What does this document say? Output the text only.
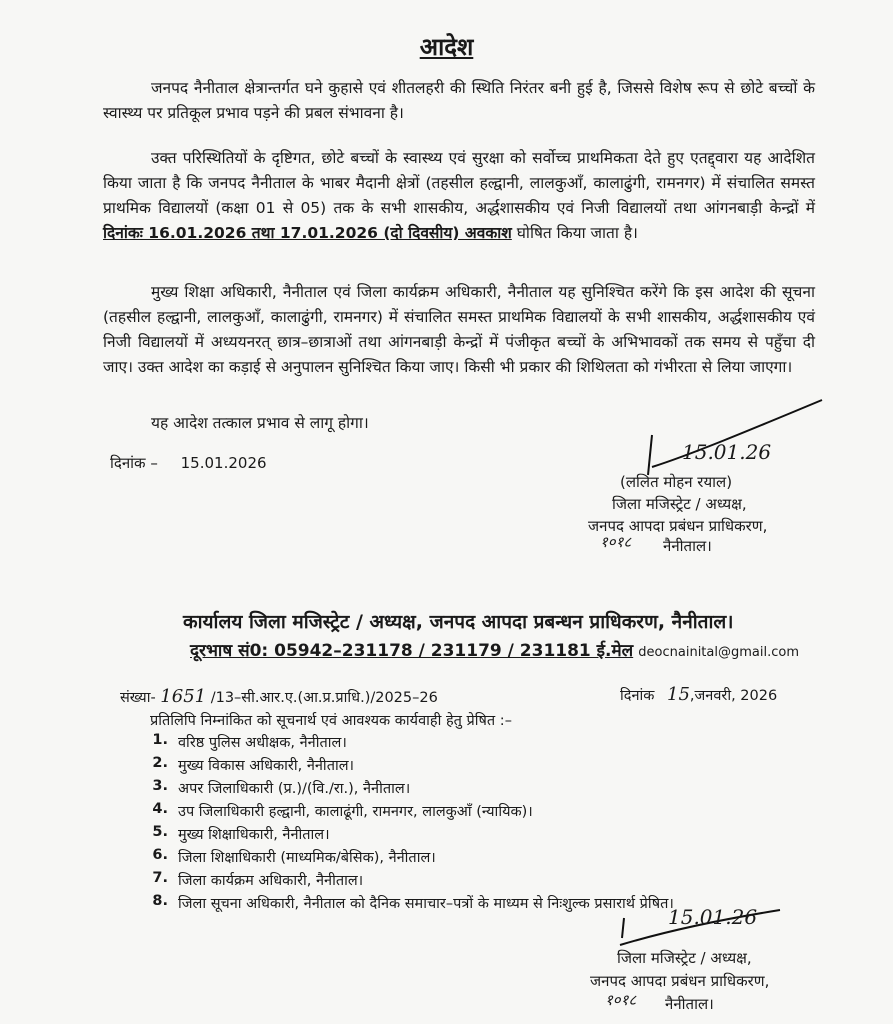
आदेश
जनपद नैनीताल क्षेत्रान्तर्गत घने कुहासे एवं शीतलहरी की स्थिति निरंतर बनी हुई है, जिससे विशेष रूप से छोटे बच्चों के स्वास्थ्य पर प्रतिकूल प्रभाव पड़ने की प्रबल संभावना है।
उक्त परिस्थितियों के दृष्टिगत, छोटे बच्चों के स्वास्थ्य एवं सुरक्षा को सर्वोच्च प्राथमिकता देते हुए एतद्द्वारा यह आदेशित किया जाता है कि जनपद नैनीताल के भाबर मैदानी क्षेत्रों (तहसील हल्द्वानी, लालकुआँ, कालाढुंगी, रामनगर) में संचालित समस्त प्राथमिक विद्यालयों (कक्षा 01 से 05) तक के सभी शासकीय, अर्द्धशासकीय एवं निजी विद्यालयों तथा आंगनबाड़ी केन्द्रों में दिनांकः 16.01.2026 तथा 17.01.2026 (दो दिवसीय) अवकाश घोषित किया जाता है।
मुख्य शिक्षा अधिकारी, नैनीताल एवं जिला कार्यक्रम अधिकारी, नैनीताल यह सुनिश्चित करेंगे कि इस आदेश की सूचना (तहसील हल्द्वानी, लालकुआँ, कालाढुंगी, रामनगर) में संचालित समस्त प्राथमिक विद्यालयों के सभी शासकीय, अर्द्धशासकीय एवं निजी विद्यालयों में अध्ययनरत् छात्र–छात्राओं तथा आंगनबाड़ी केन्द्रों में पंजीकृत बच्चों के अभिभावकों तक समय से पहुँचा दी जाए। उक्त आदेश का कड़ाई से अनुपालन सुनिश्चित किया जाए। किसी भी प्रकार की शिथिलता को गंभीरता से लिया जाएगा।
यह आदेश तत्काल प्रभाव से लागू होगा।
दिनांक – 15.01.2026	15.01.26
(ललित मोहन रयाल)
जिला मजिस्ट्रेट / अध्यक्ष,
जनपद आपदा प्रबंधन प्राधिकरण,
१०१८ नैनीताल।
कार्यालय जिला मजिस्ट्रेट / अध्यक्ष, जनपद आपदा प्रबन्धन प्राधिकरण, नैनीताल।
दूरभाष सं0: 05942–231178 / 231179 / 231181 ई.मेल deocnainital@gmail.com
संख्या- 1651 /13–सी.आर.ए.(आ.प्र.प्राधि.)/2025–26	दिनांक 15,जनवरी, 2026
प्रतिलिपि निम्नांकित को सूचनार्थ एवं आवश्यक कार्यवाही हेतु प्रेषित :–
1. वरिष्ठ पुलिस अधीक्षक, नैनीताल।
2. मुख्य विकास अधिकारी, नैनीताल।
3. अपर जिलाधिकारी (प्र.)/(वि./रा.), नैनीताल।
4. उप जिलाधिकारी हल्द्वानी, कालाढूंगी, रामनगर, लालकुआँ (न्यायिक)।
5. मुख्य शिक्षाधिकारी, नैनीताल।
6. जिला शिक्षाधिकारी (माध्यमिक/बेसिक), नैनीताल।
7. जिला कार्यक्रम अधिकारी, नैनीताल।
8. जिला सूचना अधिकारी, नैनीताल को दैनिक समाचार–पत्रों के माध्यम से निःशुल्क प्रसारार्थ प्रेषित।
15.01.26
जिला मजिस्ट्रेट / अध्यक्ष,
जनपद आपदा प्रबंधन प्राधिकरण,
१०१८ नैनीताल।
